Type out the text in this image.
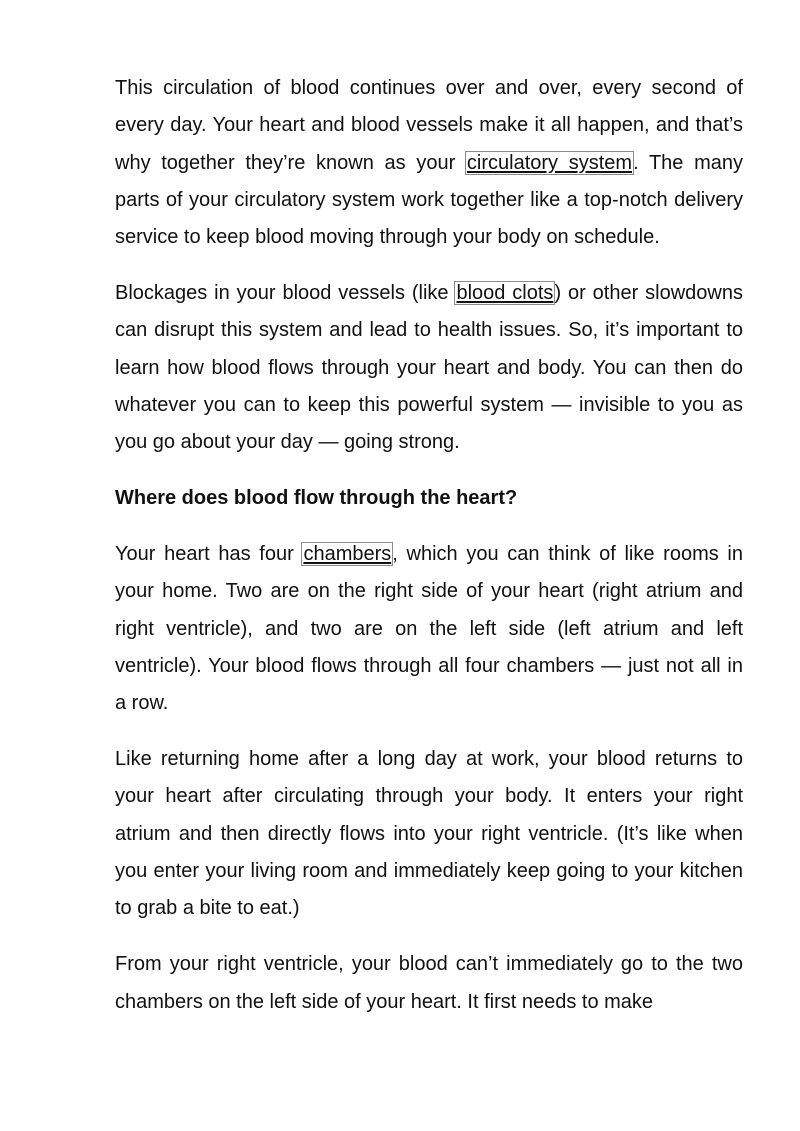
This circulation of blood continues over and over, every second of every day. Your heart and blood vessels make it all happen, and that’s why together they’re known as your circulatory system. The many parts of your circulatory system work together like a top-notch delivery service to keep blood moving through your body on schedule.

Blockages in your blood vessels (like blood clots) or other slowdowns can disrupt this system and lead to health issues. So, it’s important to learn how blood flows through your heart and body. You can then do whatever you can to keep this powerful system — invisible to you as you go about your day — going strong.

Where does blood flow through the heart?

Your heart has four chambers, which you can think of like rooms in your home. Two are on the right side of your heart (right atrium and right ventricle), and two are on the left side (left atrium and left ventricle). Your blood flows through all four chambers — just not all in a row.

Like returning home after a long day at work, your blood returns to your heart after circulating through your body. It enters your right atrium and then directly flows into your right ventricle. (It’s like when you enter your living room and immediately keep going to your kitchen to grab a bite to eat.)

From your right ventricle, your blood can’t immediately go to the two chambers on the left side of your heart. It first needs to make
